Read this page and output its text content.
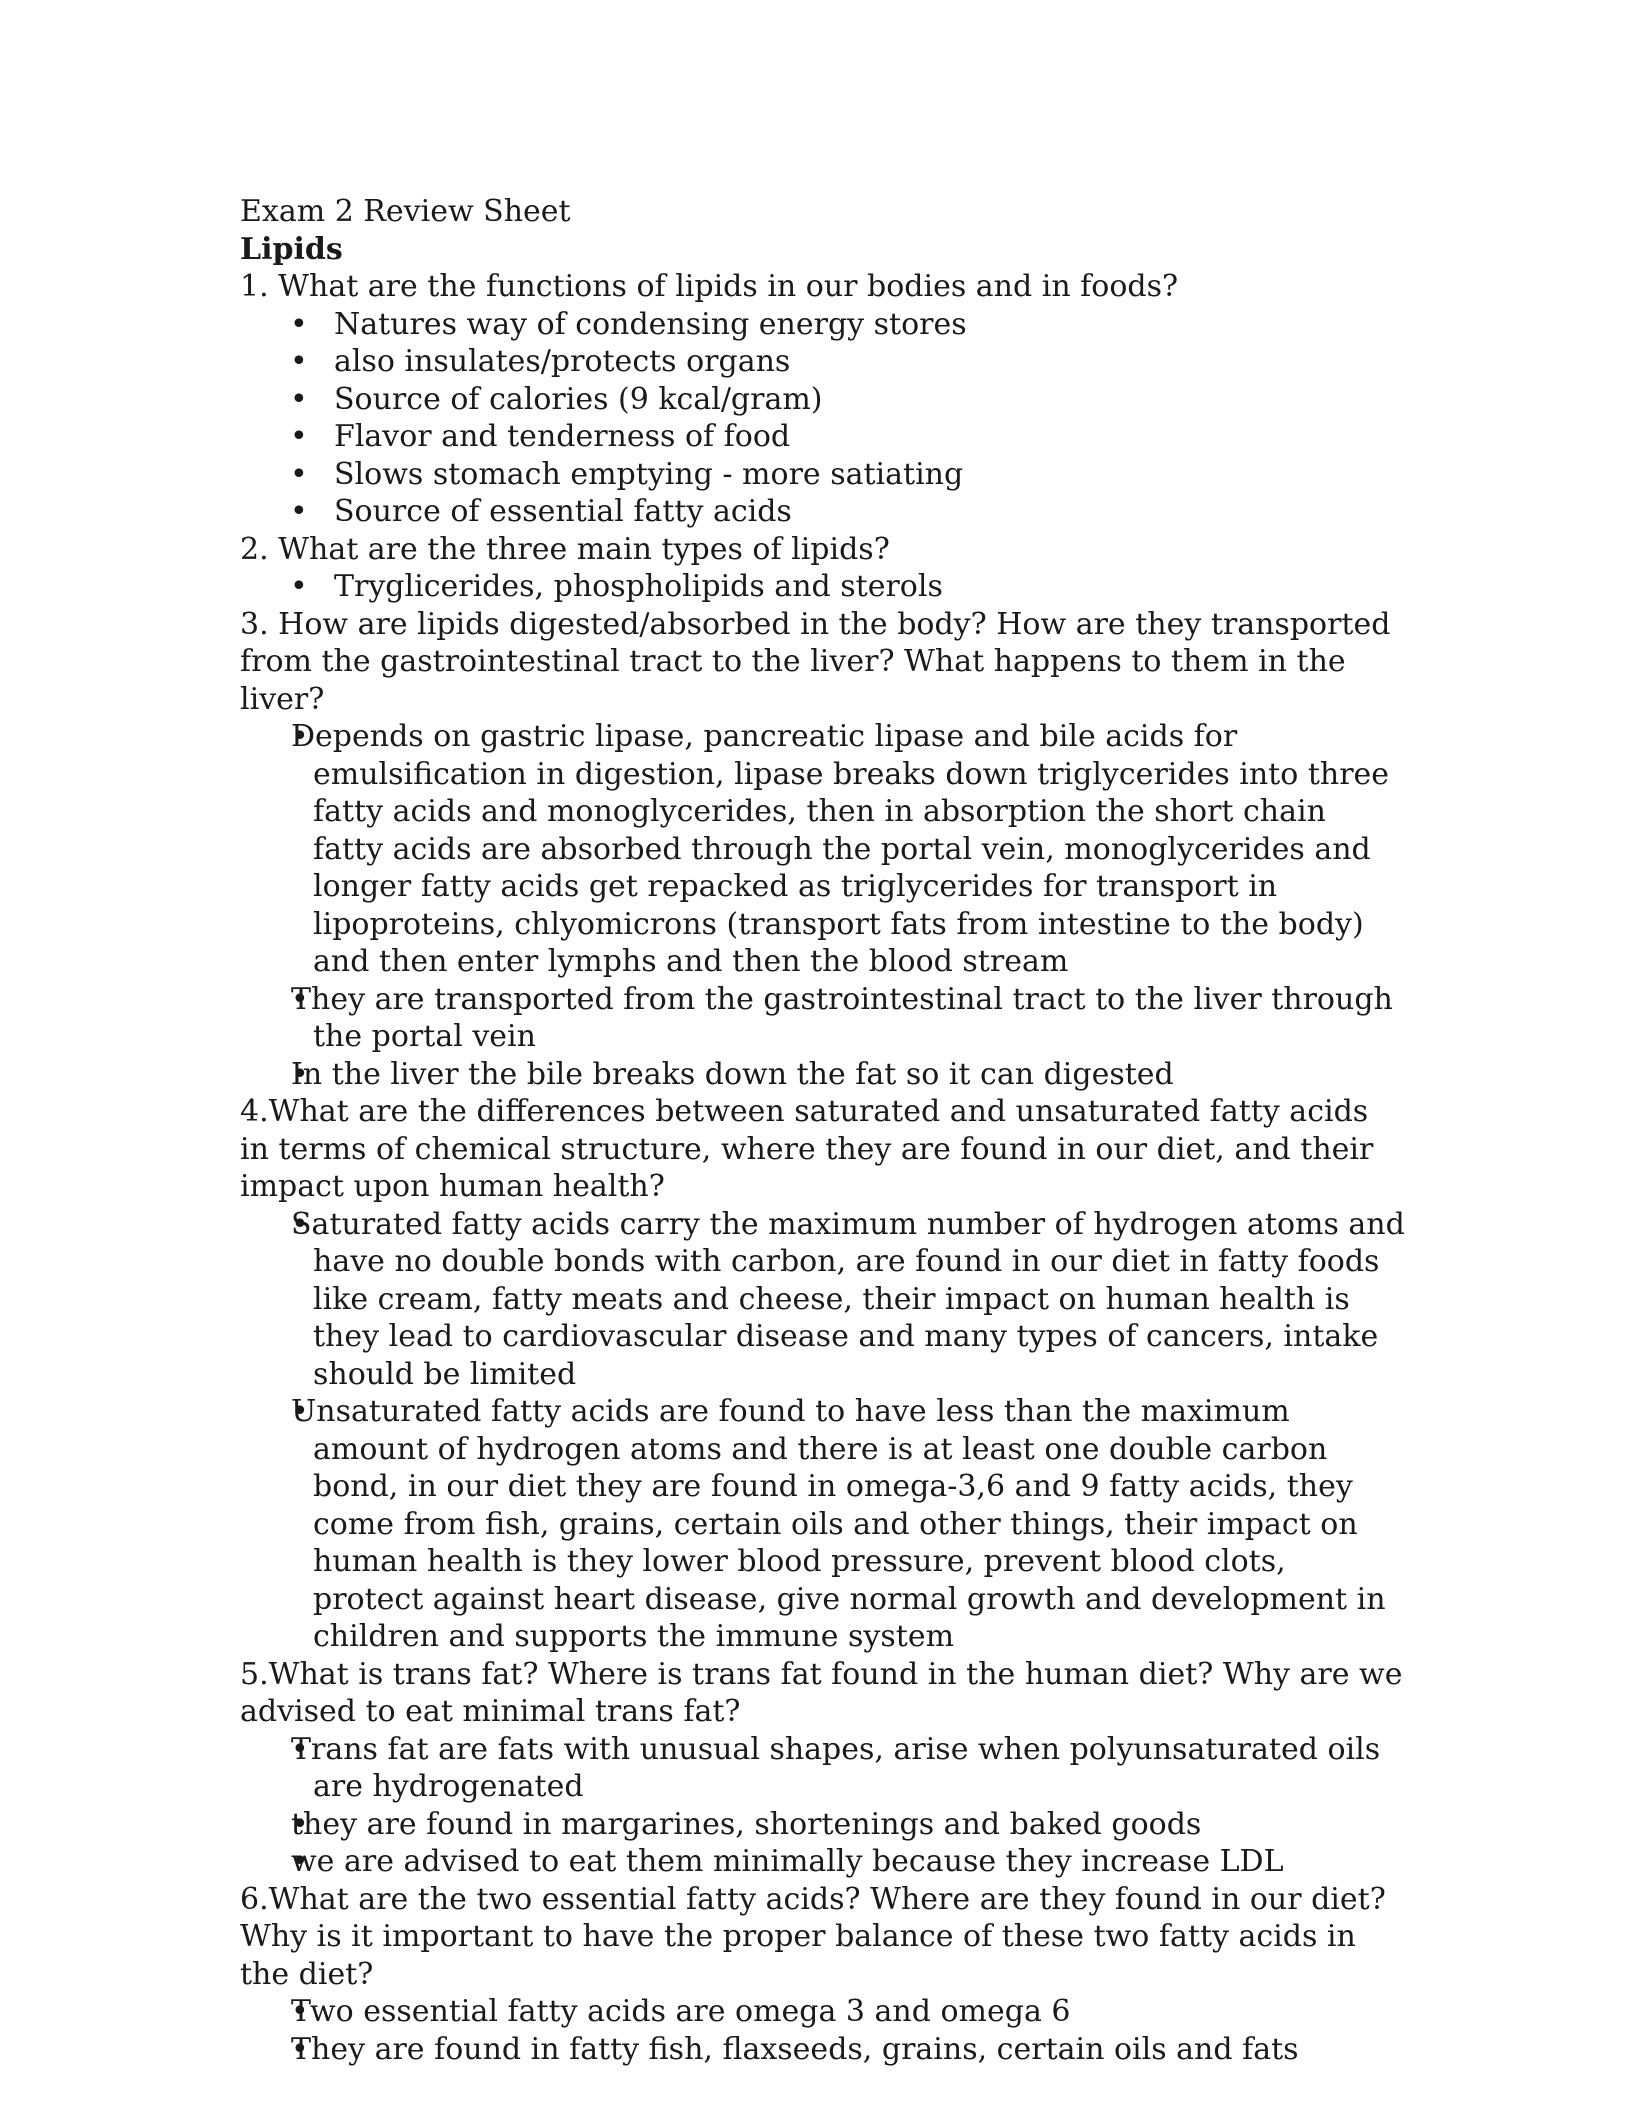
Exam 2 Review Sheet

Lipids

1. What are the functions of lipids in our bodies and in foods?

• Natures way of condensing energy stores
• also insulates/protects organs
• Source of calories (9 kcal/gram)
• Flavor and tenderness of food
• Slows stomach emptying - more satiating
• Source of essential fatty acids

2. What are the three main types of lipids?

• Tryglicerides, phospholipids and sterols

3. How are lipids digested/absorbed in the body? How are they transported from the gastrointestinal tract to the liver? What happens to them in the liver?

• Depends on gastric lipase, pancreatic lipase and bile acids for emulsification in digestion, lipase breaks down triglycerides into three fatty acids and monoglycerides, then in absorption the short chain fatty acids are absorbed through the portal vein, monoglycerides and longer fatty acids get repacked as triglycerides for transport in lipoproteins, chlyomicrons (transport fats from intestine to the body) and then enter lymphs and then the blood stream
• They are transported from the gastrointestinal tract to the liver through the portal vein
• In the liver the bile breaks down the fat so it can digested

4.What are the differences between saturated and unsaturated fatty acids in terms of chemical structure, where they are found in our diet, and their impact upon human health?

• Saturated fatty acids carry the maximum number of hydrogen atoms and have no double bonds with carbon, are found in our diet in fatty foods like cream, fatty meats and cheese, their impact on human health is they lead to cardiovascular disease and many types of cancers, intake should be limited
• Unsaturated fatty acids are found to have less than the maximum amount of hydrogen atoms and there is at least one double carbon bond, in our diet they are found in omega-3,6 and 9 fatty acids, they come from fish, grains, certain oils and other things, their impact on human health is they lower blood pressure, prevent blood clots, protect against heart disease, give normal growth and development in children and supports the immune system

5.What is trans fat? Where is trans fat found in the human diet? Why are we advised to eat minimal trans fat?

• Trans fat are fats with unusual shapes, arise when polyunsaturated oils are hydrogenated
• they are found in margarines, shortenings and baked goods
• we are advised to eat them minimally because they increase LDL

6.What are the two essential fatty acids? Where are they found in our diet? Why is it important to have the proper balance of these two fatty acids in the diet?

• Two essential fatty acids are omega 3 and omega 6
• They are found in fatty fish, flaxseeds, grains, certain oils and fats
